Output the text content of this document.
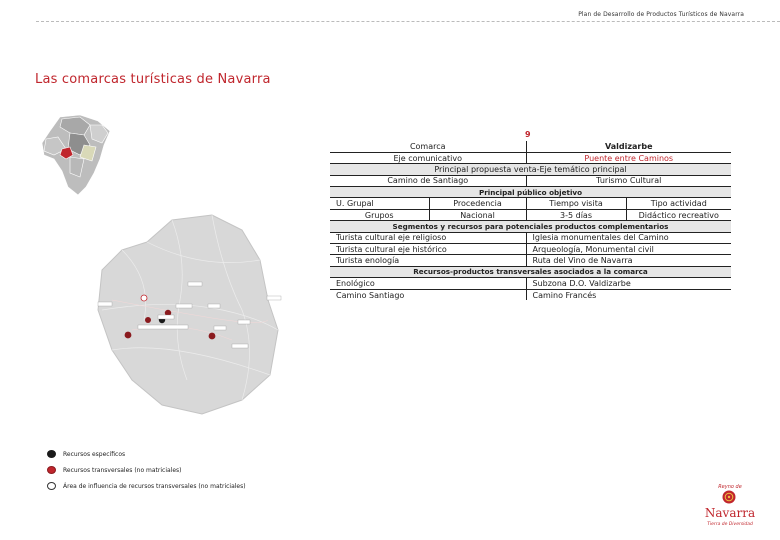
Plan de Desarrollo de Productos Turísticos de Navarra
Las comarcas turísticas de Navarra
9
Comarca		Valdizarbe	
Eje comunicativo		Puente entre Caminos	
Principal propuesta venta-Eje temático principal			
Camino de Santiago		Turismo Cultural	
Principal público objetivo			
U. Grupal	Procedencia	Tiempo visita	Tipo actividad
Grupos	Nacional	3-5 días	Didáctico recreativo
Segmentos y recursos para potenciales productos complementarios			
Turista cultural eje religioso		Iglesia monumentales del Camino	
Turista cultural eje histórico		Arqueología, Monumental civil	
Turista enología		Ruta del Vino de Navarra	
Recursos-productos transversales asociados a la comarca			
Enológico		Subzona D.O. Valdizarbe	
Camino Santiago		Camino Francés	
Recursos específicos
Recursos transversales (no matriciales)
Área de influencia de recursos transversales (no matriciales)	Reyno de
Navarra
Tierra de Diversidad
